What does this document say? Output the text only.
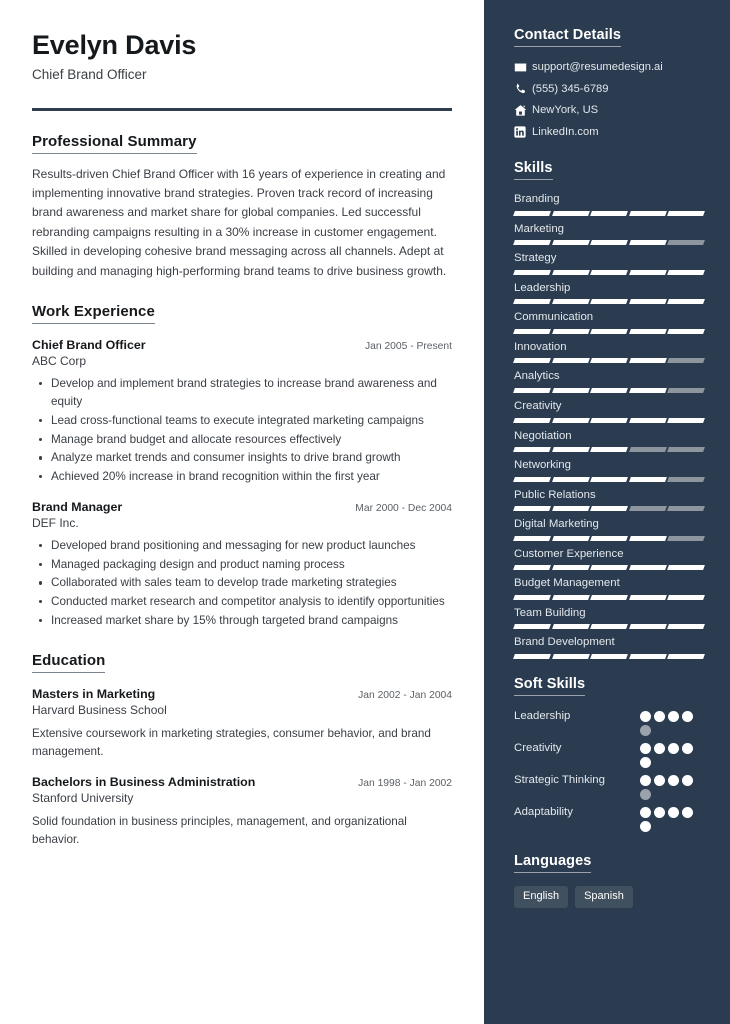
Evelyn Davis
Chief Brand Officer
Professional Summary
Results-driven Chief Brand Officer with 16 years of experience in creating and implementing innovative brand strategies. Proven track record of increasing brand awareness and market share for global companies. Led successful rebranding campaigns resulting in a 30% increase in customer engagement. Skilled in developing cohesive brand messaging across all channels. Adept at building and managing high-performing brand teams to drive business growth.
Work Experience
Chief Brand Officer	Jan 2005 - Present
ABC Corp
Develop and implement brand strategies to increase brand awareness and equity
Lead cross-functional teams to execute integrated marketing campaigns
Manage brand budget and allocate resources effectively
Analyze market trends and consumer insights to drive brand growth
Achieved 20% increase in brand recognition within the first year
Brand Manager	Mar 2000 - Dec 2004
DEF Inc.
Developed brand positioning and messaging for new product launches
Managed packaging design and product naming process
Collaborated with sales team to develop trade marketing strategies
Conducted market research and competitor analysis to identify opportunities
Increased market share by 15% through targeted brand campaigns
Education
Masters in Marketing	Jan 2002 - Jan 2004
Harvard Business School
Extensive coursework in marketing strategies, consumer behavior, and brand management.
Bachelors in Business Administration	Jan 1998 - Jan 2002
Stanford University
Solid foundation in business principles, management, and organizational behavior.
Contact Details
support@resumedesign.ai
(555) 345-6789
NewYork, US
LinkedIn.com
Skills
Branding
Marketing
Strategy
Leadership
Communication
Innovation
Analytics
Creativity
Negotiation
Networking
Public Relations
Digital Marketing
Customer Experience
Budget Management
Team Building
Brand Development
Soft Skills
Leadership
Creativity
Strategic Thinking
Adaptability
Languages
English	Spanish
